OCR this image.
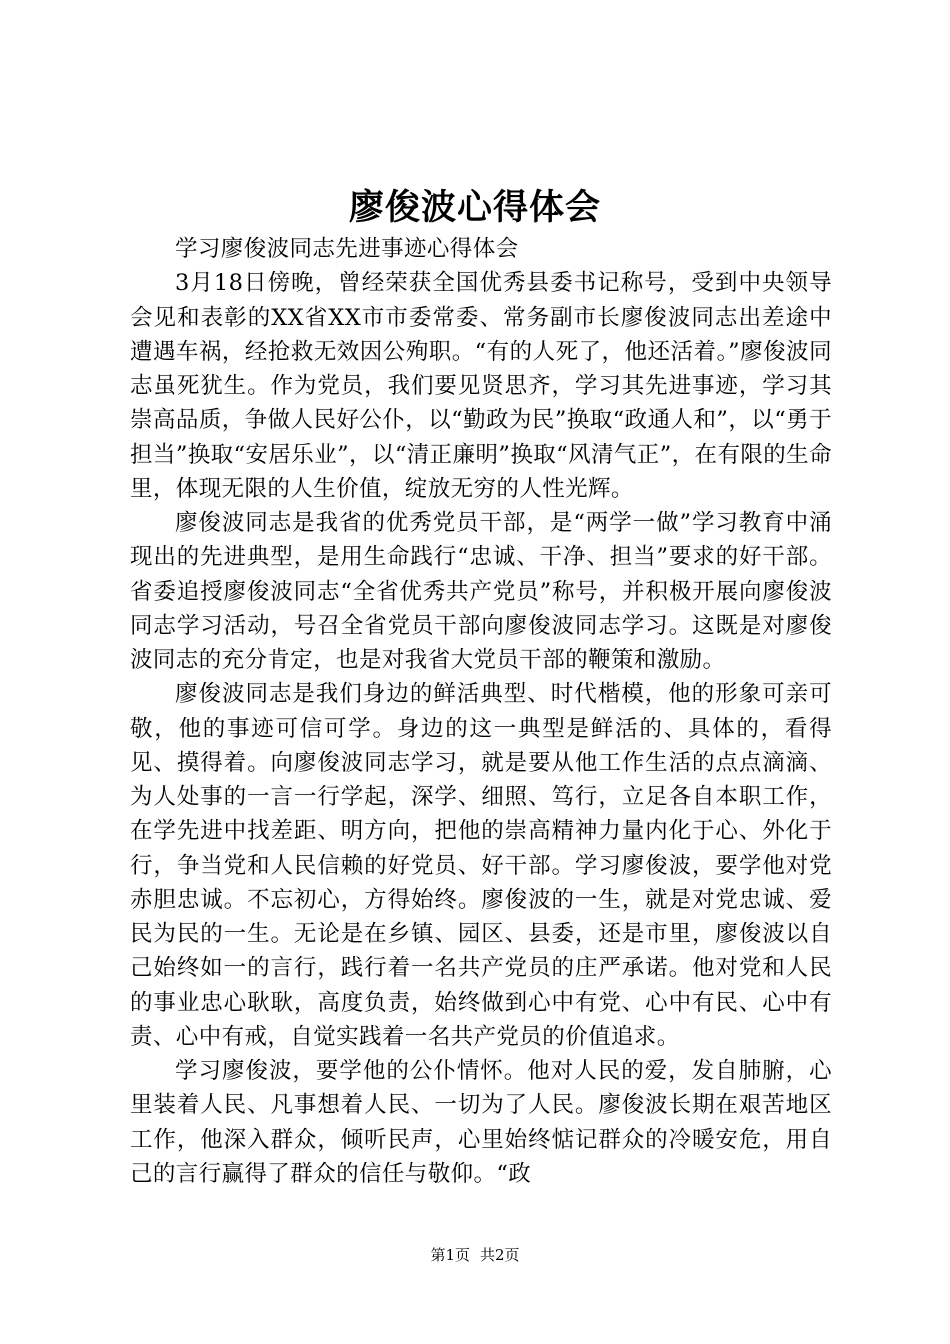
廖俊波心得体会

学习廖俊波同志先进事迹心得体会

3月18日傍晚，曾经荣获全国优秀县委书记称号，受到中央领导会见和表彰的XX省XX市市委常委、常务副市长廖俊波同志出差途中遭遇车祸，经抢救无效因公殉职。“有的人死了，他还活着。”廖俊波同志虽死犹生。作为党员，我们要见贤思齐，学习其先进事迹，学习其崇高品质，争做人民好公仆，以“勤政为民”换取“政通人和”，以“勇于担当”换取“安居乐业”，以“清正廉明”换取“风清气正”，在有限的生命里，体现无限的人生价值，绽放无穷的人性光辉。

廖俊波同志是我省的优秀党员干部，是“两学一做”学习教育中涌现出的先进典型，是用生命践行“忠诚、干净、担当”要求的好干部。省委追授廖俊波同志“全省优秀共产党员”称号，并积极开展向廖俊波同志学习活动，号召全省党员干部向廖俊波同志学习。这既是对廖俊波同志的充分肯定，也是对我省大党员干部的鞭策和激励。

廖俊波同志是我们身边的鲜活典型、时代楷模，他的形象可亲可敬，他的事迹可信可学。身边的这一典型是鲜活的、具体的，看得见、摸得着。向廖俊波同志学习，就是要从他工作生活的点点滴滴、为人处事的一言一行学起，深学、细照、笃行，立足各自本职工作，在学先进中找差距、明方向，把他的崇高精神力量内化于心、外化于行，争当党和人民信赖的好党员、好干部。学习廖俊波，要学他对党赤胆忠诚。不忘初心，方得始终。廖俊波的一生，就是对党忠诚、爱民为民的一生。无论是在乡镇、园区、县委，还是市里，廖俊波以自己始终如一的言行，践行着一名共产党员的庄严承诺。他对党和人民的事业忠心耿耿，高度负责，始终做到心中有党、心中有民、心中有责、心中有戒，自觉实践着一名共产党员的价值追求。

学习廖俊波，要学他的公仆情怀。他对人民的爱，发自肺腑，心里装着人民、凡事想着人民、一切为了人民。廖俊波长期在艰苦地区工作，他深入群众，倾听民声，心里始终惦记群众的冷暖安危，用自己的言行赢得了群众的信任与敬仰。“政

第1页 共2页
